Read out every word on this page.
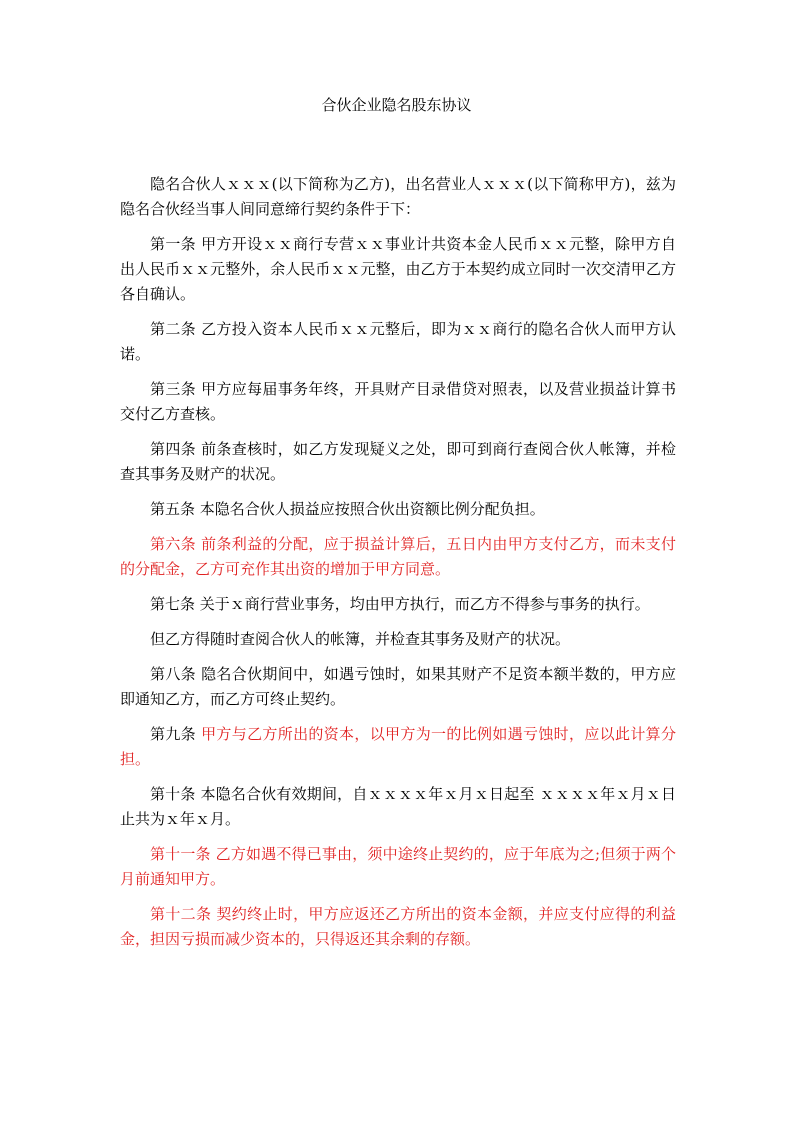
合伙企业隐名股东协议

隐名合伙人ｘｘｘ(以下简称为乙方)，出名营业人ｘｘｘ(以下简称甲方)，兹为隐名合伙经当事人间同意缔行契约条件于下：

第一条 甲方开设ｘｘ商行专营ｘｘ事业计共资本金人民币ｘｘ元整，除甲方自出人民币ｘｘ元整外，余人民币ｘｘ元整，由乙方于本契约成立同时一次交清甲乙方各自确认。

第二条 乙方投入资本人民币ｘｘ元整后，即为ｘｘ商行的隐名合伙人而甲方认诺。

第三条 甲方应每届事务年终，开具财产目录借贷对照表，以及营业损益计算书交付乙方查核。

第四条 前条查核时，如乙方发现疑义之处，即可到商行查阅合伙人帐簿，并检查其事务及财产的状况。

第五条 本隐名合伙人损益应按照合伙出资额比例分配负担。

第六条 前条利益的分配，应于损益计算后，五日内由甲方支付乙方，而未支付的分配金，乙方可充作其出资的增加于甲方同意。

第七条 关于ｘ商行营业事务，均由甲方执行，而乙方不得参与事务的执行。

但乙方得随时查阅合伙人的帐簿，并检查其事务及财产的状况。

第八条 隐名合伙期间中，如遇亏蚀时，如果其财产不足资本额半数的，甲方应即通知乙方，而乙方可终止契约。

第九条 甲方与乙方所出的资本，以甲方为一的比例如遇亏蚀时，应以此计算分担。

第十条 本隐名合伙有效期间，自ｘｘｘｘ年ｘ月ｘ日起至 ｘｘｘｘ年ｘ月ｘ日止共为ｘ年ｘ月。

第十一条 乙方如遇不得已事由，须中途终止契约的，应于年底为之;但须于两个月前通知甲方。

第十二条 契约终止时，甲方应返还乙方所出的资本金额，并应支付应得的利益金，担因亏损而减少资本的，只得返还其余剩的存额。
